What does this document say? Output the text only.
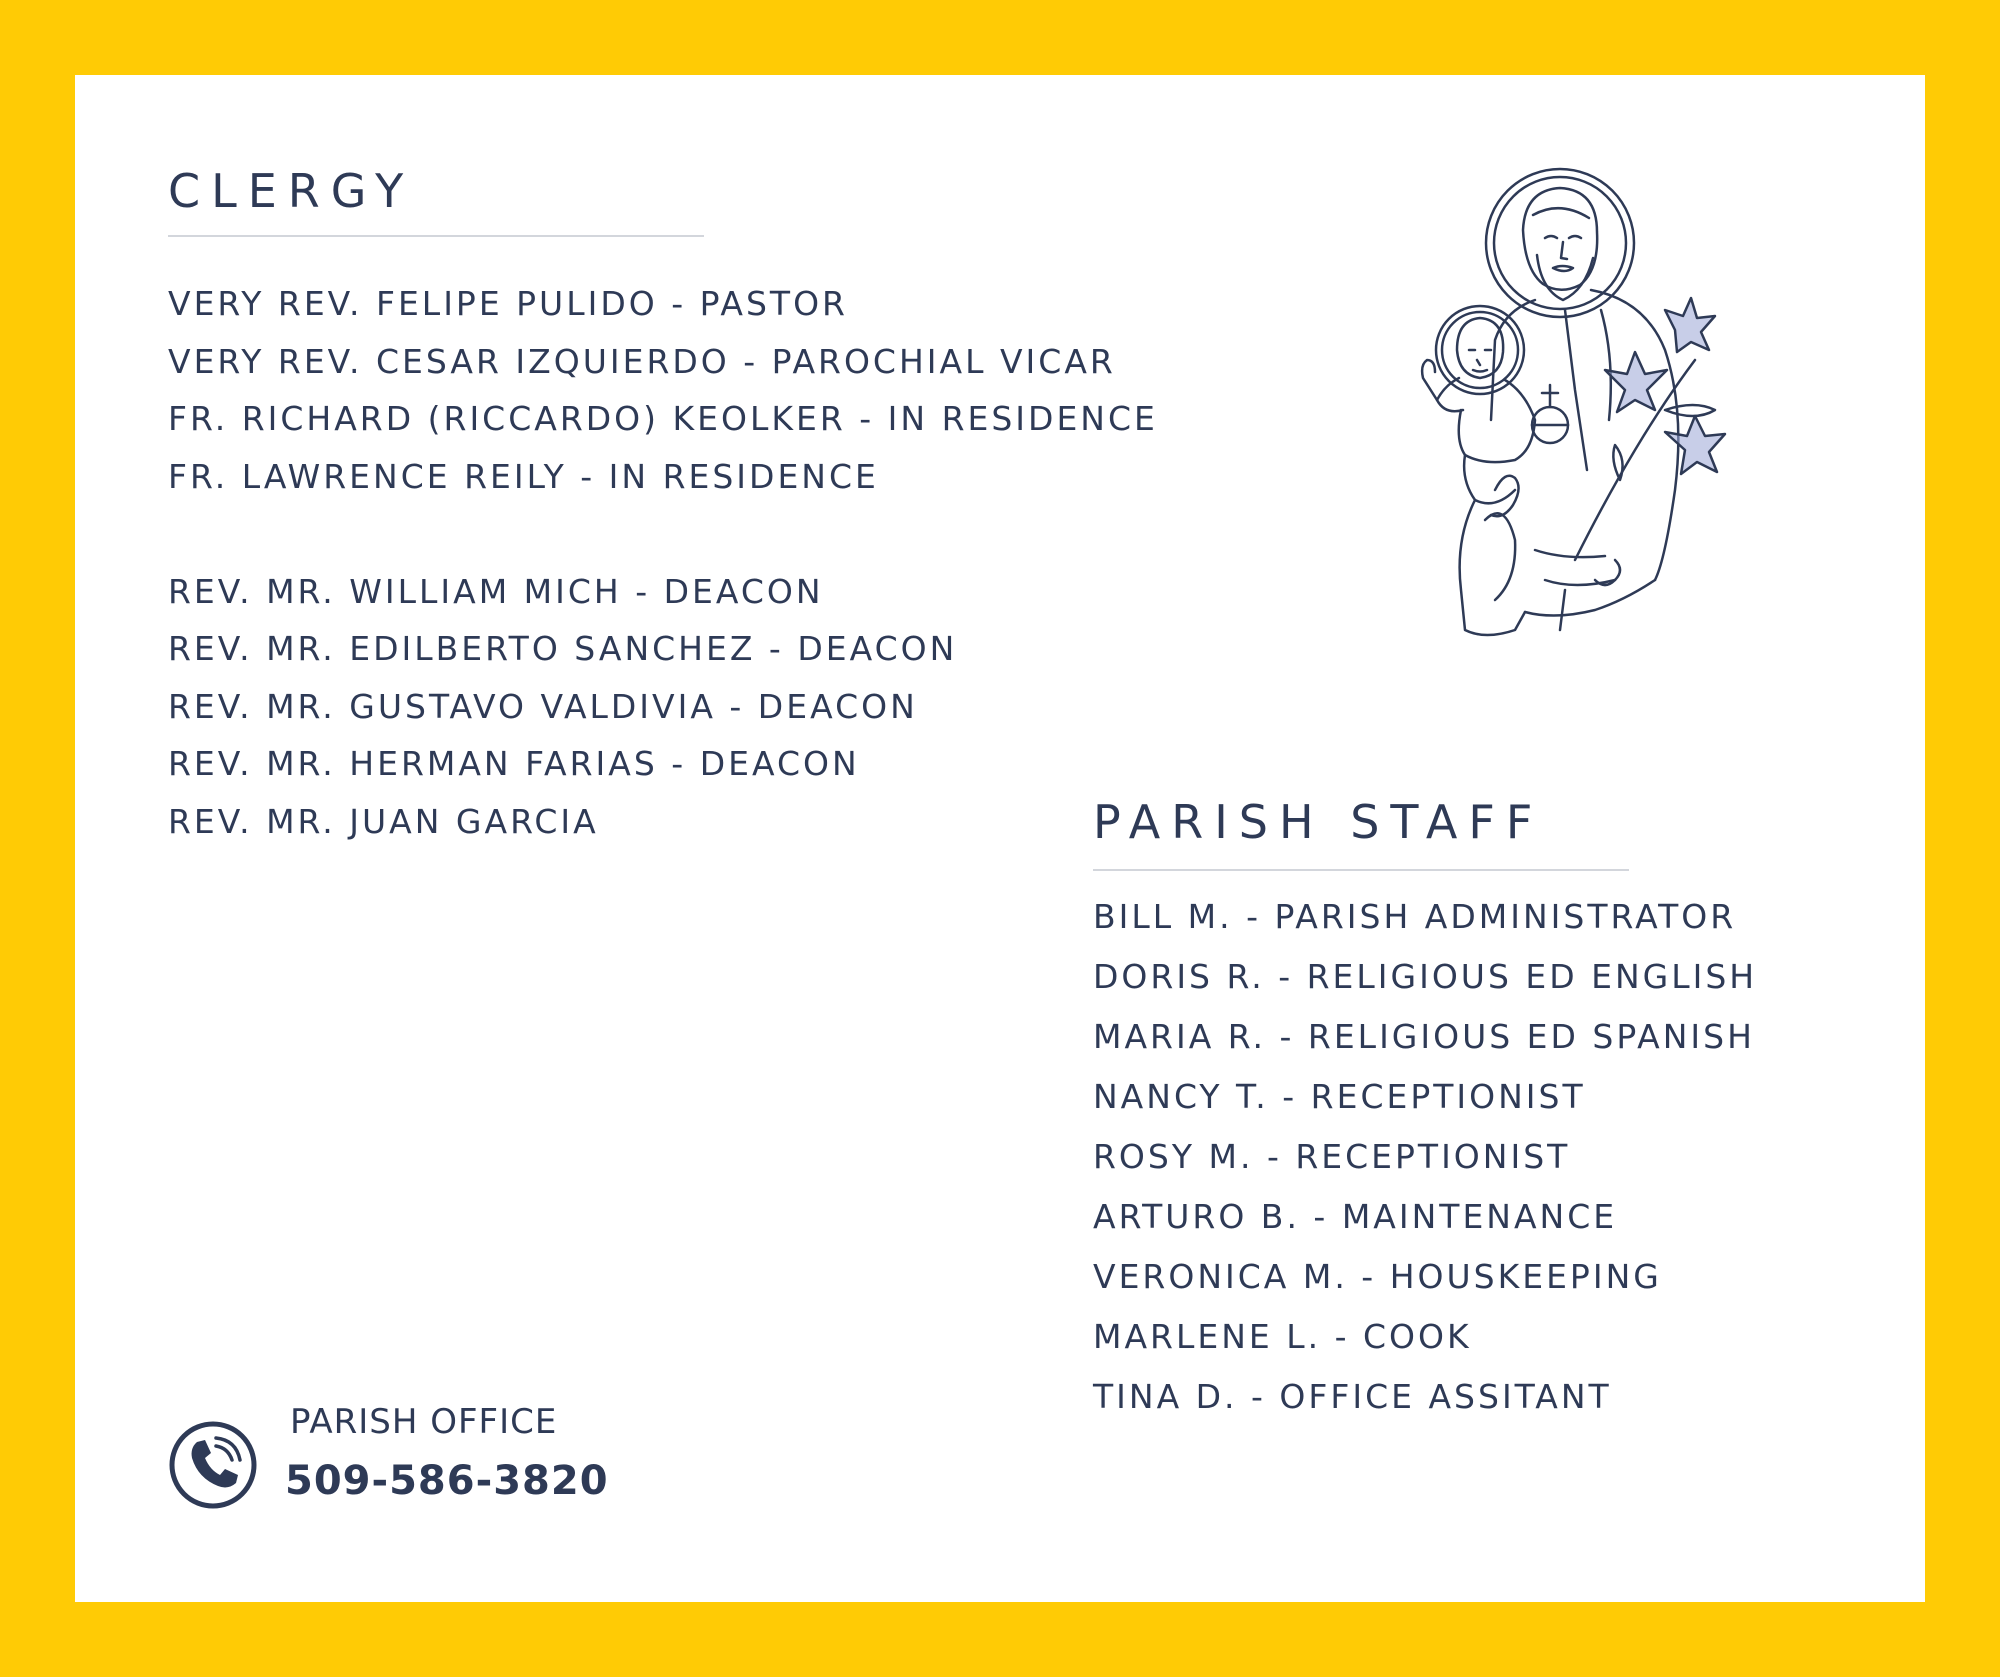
CLERGY
VERY REV. FELIPE PULIDO - PASTOR
VERY REV. CESAR IZQUIERDO - PAROCHIAL VICAR
FR. RICHARD (RICCARDO) KEOLKER - IN RESIDENCE
FR. LAWRENCE REILY - IN RESIDENCE
REV. MR. WILLIAM MICH - DEACON
REV. MR. EDILBERTO SANCHEZ - DEACON
REV. MR. GUSTAVO VALDIVIA - DEACON
REV. MR. HERMAN FARIAS - DEACON
REV. MR. JUAN GARCIA	PARISH STAFF
BILL M. - PARISH ADMINISTRATOR
DORIS R. - RELIGIOUS ED ENGLISH
MARIA R. - RELIGIOUS ED SPANISH
NANCY T. - RECEPTIONIST
ROSY M. - RECEPTIONIST
ARTURO B. - MAINTENANCE
VERONICA M. - HOUSKEEPING
MARLENE L. - COOK
TINA D. - OFFICE ASSITANT
PARISH OFFICE
509-586-3820
